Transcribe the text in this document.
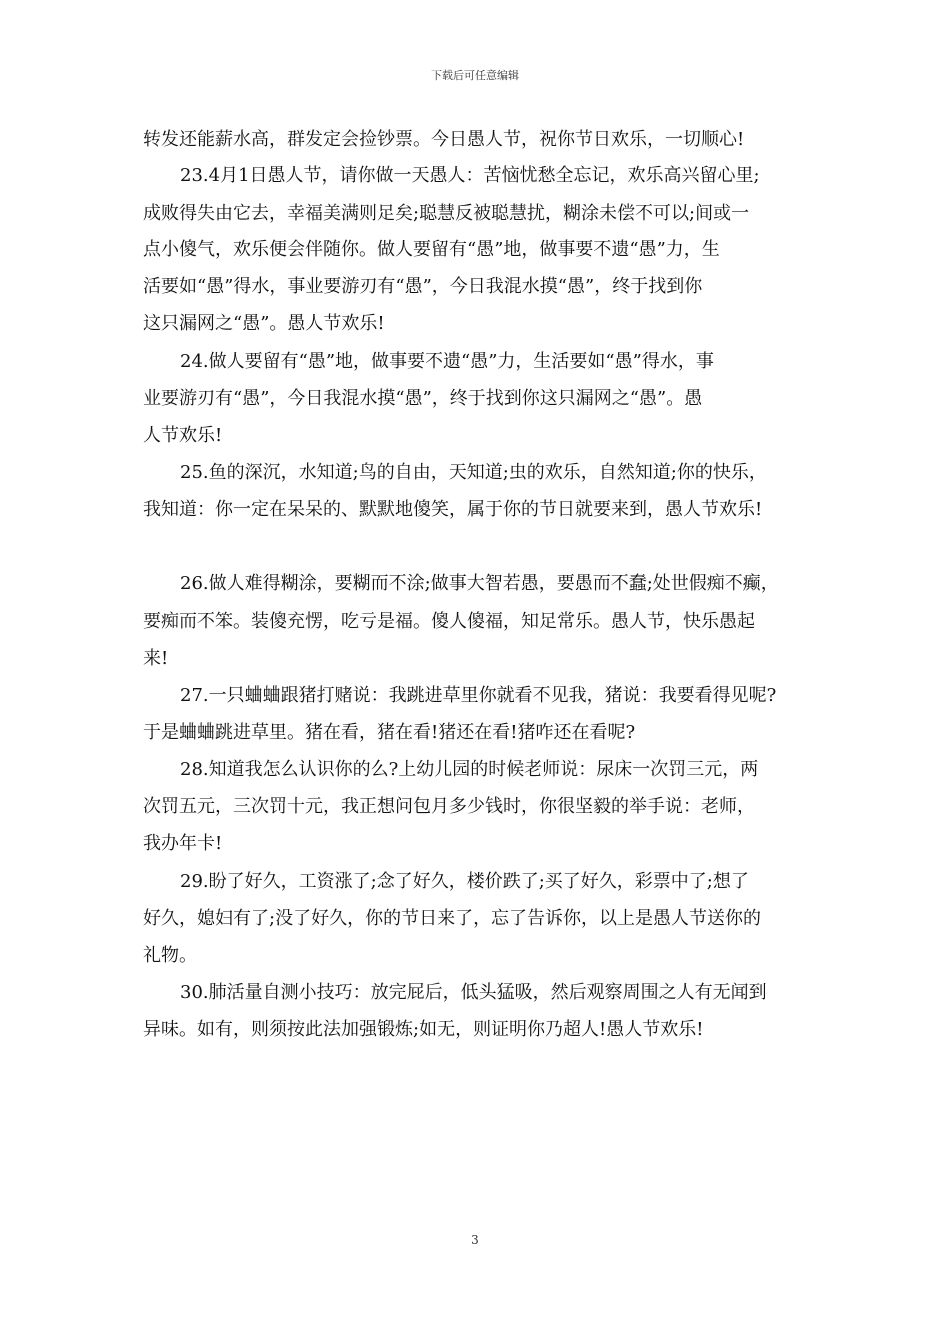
下载后可任意编辑
转发还能薪水高，群发定会捡钞票。今日愚人节，祝你节日欢乐，一切顺心!
23.4月1日愚人节，请你做一天愚人：苦恼忧愁全忘记，欢乐高兴留心里;
成败得失由它去，幸福美满则足矣;聪慧反被聪慧扰，糊涂未偿不可以;间或一
点小傻气，欢乐便会伴随你。做人要留有“愚”地，做事要不遗“愚”力，生
活要如“愚”得水，事业要游刃有“愚”，今日我混水摸“愚”，终于找到你
这只漏网之“愚”。愚人节欢乐!
24.做人要留有“愚”地，做事要不遗“愚”力，生活要如“愚”得水，事
业要游刃有“愚”，今日我混水摸“愚”，终于找到你这只漏网之“愚”。愚
人节欢乐!
25.鱼的深沉，水知道;鸟的自由，天知道;虫的欢乐，自然知道;你的快乐，
我知道：你一定在呆呆的、默默地傻笑，属于你的节日就要来到，愚人节欢乐!
26.做人难得糊涂，要糊而不涂;做事大智若愚，要愚而不蠢;处世假痴不癫，
要痴而不笨。装傻充愣，吃亏是福。傻人傻福，知足常乐。愚人节，快乐愚起
来!
27.一只蛐蛐跟猪打赌说：我跳进草里你就看不见我，猪说：我要看得见呢?
于是蛐蛐跳进草里。猪在看，猪在看!猪还在看!猪咋还在看呢?
28.知道我怎么认识你的么?上幼儿园的时候老师说：尿床一次罚三元，两
次罚五元，三次罚十元，我正想问包月多少钱时，你很坚毅的举手说：老师，
我办年卡!
29.盼了好久，工资涨了;念了好久，楼价跌了;买了好久，彩票中了;想了
好久，媳妇有了;没了好久，你的节日来了，忘了告诉你，以上是愚人节送你的
礼物。
30.肺活量自测小技巧：放完屁后，低头猛吸，然后观察周围之人有无闻到
异味。如有，则须按此法加强锻炼;如无，则证明你乃超人!愚人节欢乐!
3
